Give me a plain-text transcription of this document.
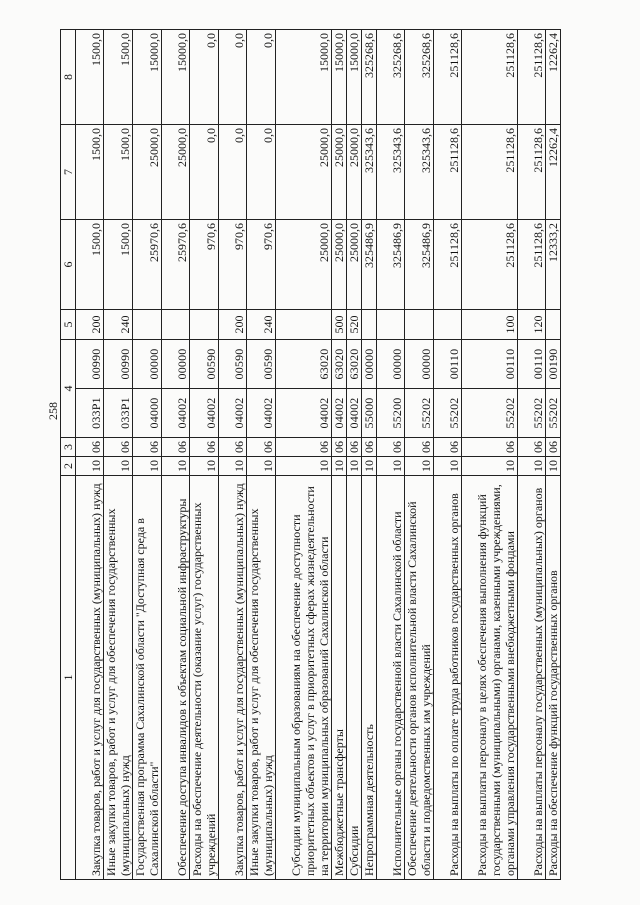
258
1	2	3	4		5	6	7	8
Закупка товаров, работ и услуг для государственных (муниципальных) нужд	10	06	033Р1	00990	200	1500,0	1500,0	1500,0
Иные закупки товаров, работ и услуг для обеспечения государственных (муниципальных) нужд	10	06	033Р1	00990	240	1500,0	1500,0	1500,0
Государственная программа Сахалинской области "Доступная среда в Сахалинской области"	10	06	04000	00000		25970,6	25000,0	15000,0
Обеспечение доступа инвалидов к объектам социальной инфраструктуры	10	06	04002	00000		25970,6	25000,0	15000,0
Расходы на обеспечение деятельности (оказание услуг) государственных учреждений	10	06	04002	00590		970,6	0,0	0,0
Закупка товаров, работ и услуг для государственных (муниципальных) нужд	10	06	04002	00590	200	970,6	0,0	0,0
Иные закупки товаров, работ и услуг для обеспечения государственных (муниципальных) нужд	10	06	04002	00590	240	970,6	0,0	0,0
Субсидии муниципальным образованиям на обеспечение доступности приоритетных объектов и услуг в приоритетных сферах жизнедеятельности на территории муниципальных образований Сахалинской области	10	06	04002	63020		25000,0	25000,0	15000,0
Межбюджетные трансферты	10	06	04002	63020	500	25000,0	25000,0	15000,0
Субсидии	10	06	04002	63020	520	25000,0	25000,0	15000,0
Непрограммная деятельность	10	06	55000	00000		325486,9	325343,6	325268,6
Исполнительные органы государственной власти Сахалинской области	10	06	55200	00000		325486,9	325343,6	325268,6
Обеспечение деятельности органов исполнительной власти Сахалинской области и подведомственных им учреждений	10	06	55202	00000		325486,9	325343,6	325268,6
Расходы на выплаты по оплате труда работников государственных органов	10	06	55202	00110		251128,6	251128,6	251128,6
Расходы на выплаты персоналу в целях обеспечения выполнения функций государственными (муниципальными) органами, казенными учреждениями, органами управления государственными внебюджетными фондами	10	06	55202	00110	100	251128,6	251128,6	251128,6
Расходы на выплаты персоналу государственных (муниципальных) органов	10	06	55202	00110	120	251128,6	251128,6	251128,6
Расходы на обеспечение функций государственных органов	10	06	55202	00190		12333,2	12262,4	12262,4
